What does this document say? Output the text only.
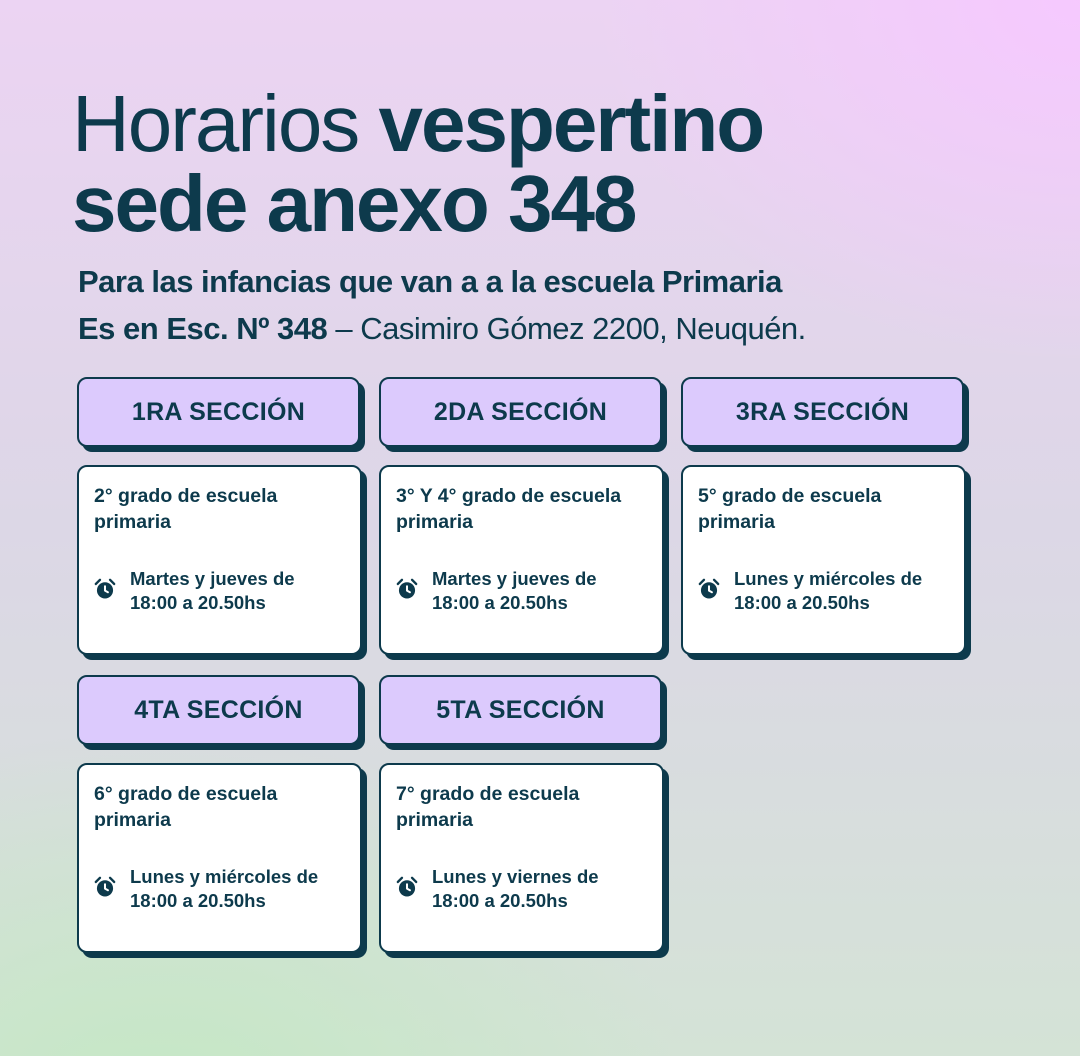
Horarios vespertino
sede anexo 348

Para las infancias que van a a la escuela Primaria

Es en Esc. Nº 348 – Casimiro Gómez 2200, Neuquén.

1RA SECCIÓN
2° grado de escuela primaria
Martes y jueves de
18:00 a 20.50hs
2DA SECCIÓN
3° Y 4° grado de escuela primaria
Martes y jueves de
18:00 a 20.50hs
3RA SECCIÓN
5° grado de escuela primaria
Lunes y miércoles de
18:00 a 20.50hs
4TA SECCIÓN
6° grado de escuela primaria
Lunes y miércoles de
18:00 a 20.50hs
5TA SECCIÓN
7° grado de escuela primaria
Lunes y viernes de
18:00 a 20.50hs
